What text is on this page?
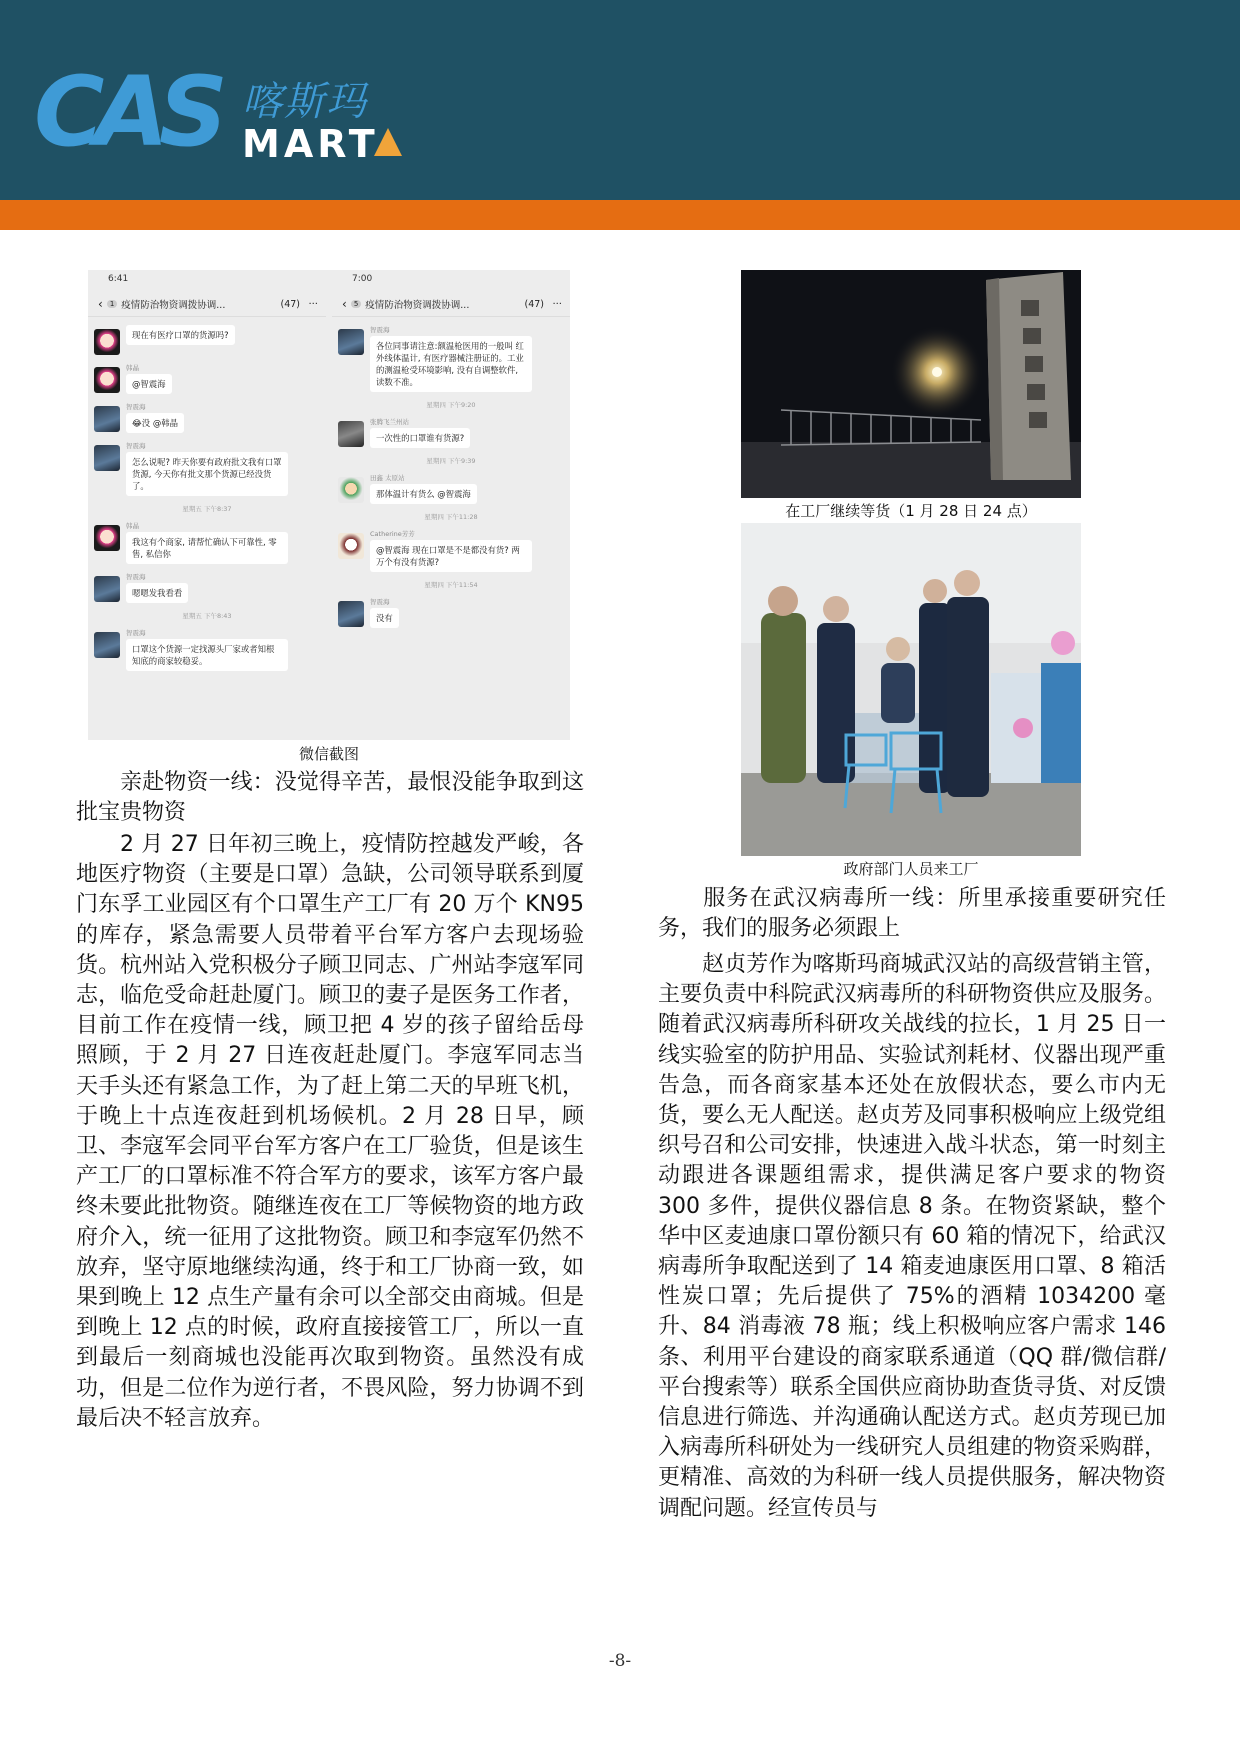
CAS 喀斯玛
MART
6:41
‹	1 疫情防治物资调拨协调...	(47) ···
现在有医疗口罩的货源吗?
韩晶
@智震海
智震海
😂没 @韩晶
智震海
怎么说呢? 昨天你要有政府批文我有口罩货源, 今天你有批文那个货源已经没货了。
星期五 下午8:37
韩晶
我这有个商家, 请帮忙确认下可靠性, 零售, 私信你
智震海
嗯嗯发我看看
星期五 下午8:43
智震海
口罩这个货源一定找源头厂家或者知根知底的商家较稳妥。
7:00
‹	5 疫情防治物资调拨协调...	(47) ···
智震海
各位同事请注意:额温枪医用的一般叫 红外线体温计, 有医疗器械注册证的。工业的测温枪受环境影响, 没有自调整软件, 读数不准。
星期四 下午9:20
张腾飞兰州站
一次性的口罩谁有货源?
星期四 下午9:39
田鑫 太原站
那体温计有货么 @智震海
星期四 下午11:28
Catherine芳芳
@智震海 现在口罩是不是都没有货? 两万个有没有货源?
星期四 下午11:54
智震海
没有
微信截图
在工厂继续等货（1 月 28 日 24 点）
政府部门人员来工厂

亲赴物资一线：没觉得辛苦，最恨没能争取到这批宝贵物资

2 月 27 日年初三晚上，疫情防控越发严峻，各地医疗物资（主要是口罩）急缺，公司领导联系到厦门东孚工业园区有个口罩生产工厂有 20 万个 KN95 的库存，紧急需要人员带着平台军方客户去现场验货。杭州站入党积极分子顾卫同志、广州站李寇军同志，临危受命赶赴厦门。顾卫的妻子是医务工作者，目前工作在疫情一线，顾卫把 4 岁的孩子留给岳母照顾，于 2 月 27 日连夜赶赴厦门。李寇军同志当天手头还有紧急工作，为了赶上第二天的早班飞机，于晚上十点连夜赶到机场候机。2 月 28 日早，顾卫、李寇军会同平台军方客户在工厂验货，但是该生产工厂的口罩标准不符合军方的要求，该军方客户最终未要此批物资。随继连夜在工厂等候物资的地方政府介入，统一征用了这批物资。顾卫和李寇军仍然不放弃，坚守原地继续沟通，终于和工厂协商一致，如果到晚上 12 点生产量有余可以全部交由商城。但是到晚上 12 点的时候，政府直接接管工厂，所以一直到最后一刻商城也没能再次取到物资。虽然没有成功，但是二位作为逆行者，不畏风险，努力协调不到最后决不轻言放弃。

服务在武汉病毒所一线：所里承接重要研究任务，我们的服务必须跟上

赵贞芳作为喀斯玛商城武汉站的高级营销主管，主要负责中科院武汉病毒所的科研物资供应及服务。随着武汉病毒所科研攻关战线的拉长，1 月 25 日一线实验室的防护用品、实验试剂耗材、仪器出现严重告急，而各商家基本还处在放假状态，要么市内无货，要么无人配送。赵贞芳及同事积极响应上级党组织号召和公司安排，快速进入战斗状态，第一时刻主动跟进各课题组需求，提供满足客户要求的物资 300 多件，提供仪器信息 8 条。在物资紧缺，整个华中区麦迪康口罩份额只有 60 箱的情况下，给武汉病毒所争取配送到了 14 箱麦迪康医用口罩、8 箱活性炭口罩；先后提供了 75%的酒精 1034200 毫升、84 消毒液 78 瓶；线上积极响应客户需求 146 条、利用平台建设的商家联系通道（QQ 群/微信群/平台搜索等）联系全国供应商协助查货寻货、对反馈信息进行筛选、并沟通确认配送方式。赵贞芳现已加入病毒所科研处为一线研究人员组建的物资采购群，更精准、高效的为科研一线人员提供服务，解决物资调配问题。经宣传员与

-8-
